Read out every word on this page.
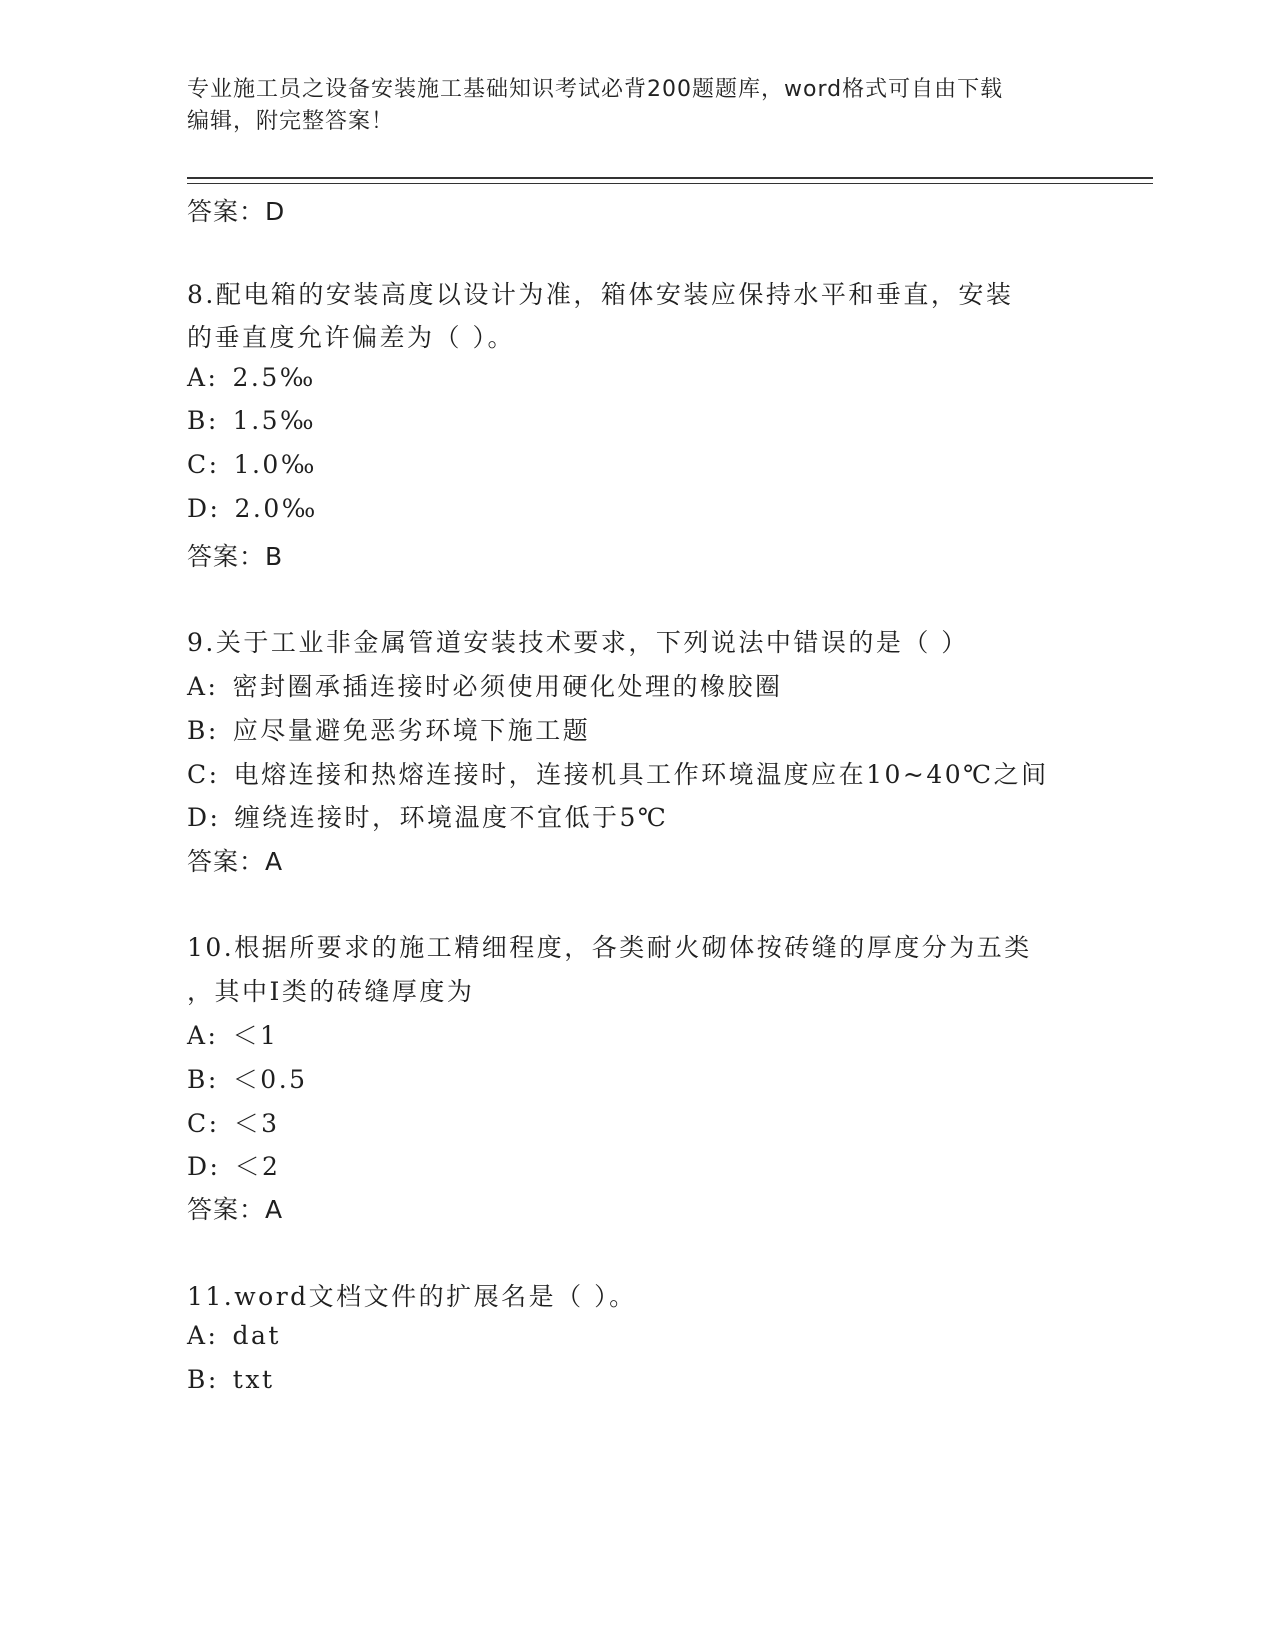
专业施工员之设备安装施工基础知识考试必背200题题库，word格式可自由下载
编辑，附完整答案！
答案：D
8.配电箱的安装高度以设计为准，箱体安装应保持水平和垂直，安装
的垂直度允许偏差为（ ）。
A: 2.5‰
B: 1.5‰
C: 1.0‰
D: 2.0‰
答案：B
9.关于工业非金属管道安装技术要求，下列说法中错误的是（ ）
A: 密封圈承插连接时必须使用硬化处理的橡胶圈
B: 应尽量避免恶劣环境下施工题
C: 电熔连接和热熔连接时，连接机具工作环境温度应在10~40℃之间
D: 缠绕连接时，环境温度不宜低于5℃
答案：A
10.根据所要求的施工精细程度，各类耐火砌体按砖缝的厚度分为五类
，其中I类的砖缝厚度为
A: ＜1
B: ＜0.5
C: ＜3
D: ＜2
答案：A
11.word文档文件的扩展名是（ ）。
A: dat
B: txt
